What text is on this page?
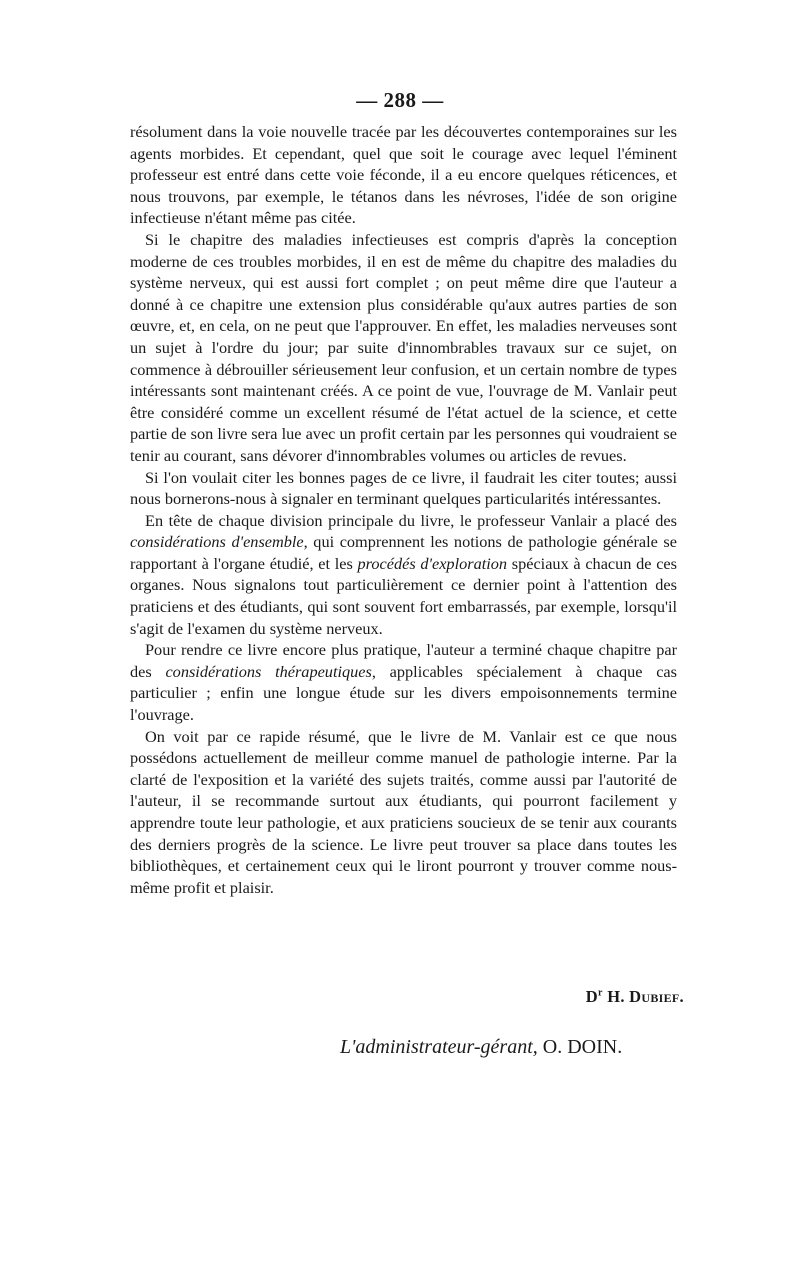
— 288 —

résolument dans la voie nouvelle tracée par les découvertes contemporaines sur les agents morbides. Et cependant, quel que soit le courage avec lequel l'éminent professeur est entré dans cette voie féconde, il a eu encore quelques réticences, et nous trouvons, par exemple, le tétanos dans les névroses, l'idée de son origine infectieuse n'étant même pas citée.

Si le chapitre des maladies infectieuses est compris d'après la conception moderne de ces troubles morbides, il en est de même du chapitre des maladies du système nerveux, qui est aussi fort complet ; on peut même dire que l'auteur a donné à ce chapitre une extension plus considérable qu'aux autres parties de son œuvre, et, en cela, on ne peut que l'approuver. En effet, les maladies nerveuses sont un sujet à l'ordre du jour; par suite d'innombrables travaux sur ce sujet, on commence à débrouiller sérieusement leur confusion, et un certain nombre de types intéressants sont maintenant créés. A ce point de vue, l'ouvrage de M. Vanlair peut être considéré comme un excellent résumé de l'état actuel de la science, et cette partie de son livre sera lue avec un profit certain par les personnes qui voudraient se tenir au courant, sans dévorer d'innombrables volumes ou articles de revues.

Si l'on voulait citer les bonnes pages de ce livre, il faudrait les citer toutes; aussi nous bornerons-nous à signaler en terminant quelques particularités intéressantes.

En tête de chaque division principale du livre, le professeur Vanlair a placé des considérations d'ensemble, qui comprennent les notions de pathologie générale se rapportant à l'organe étudié, et les procédés d'exploration spéciaux à chacun de ces organes. Nous signalons tout particulièrement ce dernier point à l'attention des praticiens et des étudiants, qui sont souvent fort embarrassés, par exemple, lorsqu'il s'agit de l'examen du système nerveux.

Pour rendre ce livre encore plus pratique, l'auteur a terminé chaque chapitre par des considérations thérapeutiques, applicables spécialement à chaque cas particulier ; enfin une longue étude sur les divers empoisonnements termine l'ouvrage.

On voit par ce rapide résumé, que le livre de M. Vanlair est ce que nous possédons actuellement de meilleur comme manuel de pathologie interne. Par la clarté de l'exposition et la variété des sujets traités, comme aussi par l'autorité de l'auteur, il se recommande surtout aux étudiants, qui pourront facilement y apprendre toute leur pathologie, et aux praticiens soucieux de se tenir aux courants des derniers progrès de la science. Le livre peut trouver sa place dans toutes les bibliothèques, et certainement ceux qui le liront pourront y trouver comme nous-même profit et plaisir.

$D^r$ H. Dubief.
L'administrateur-gérant, O. DOIN.
